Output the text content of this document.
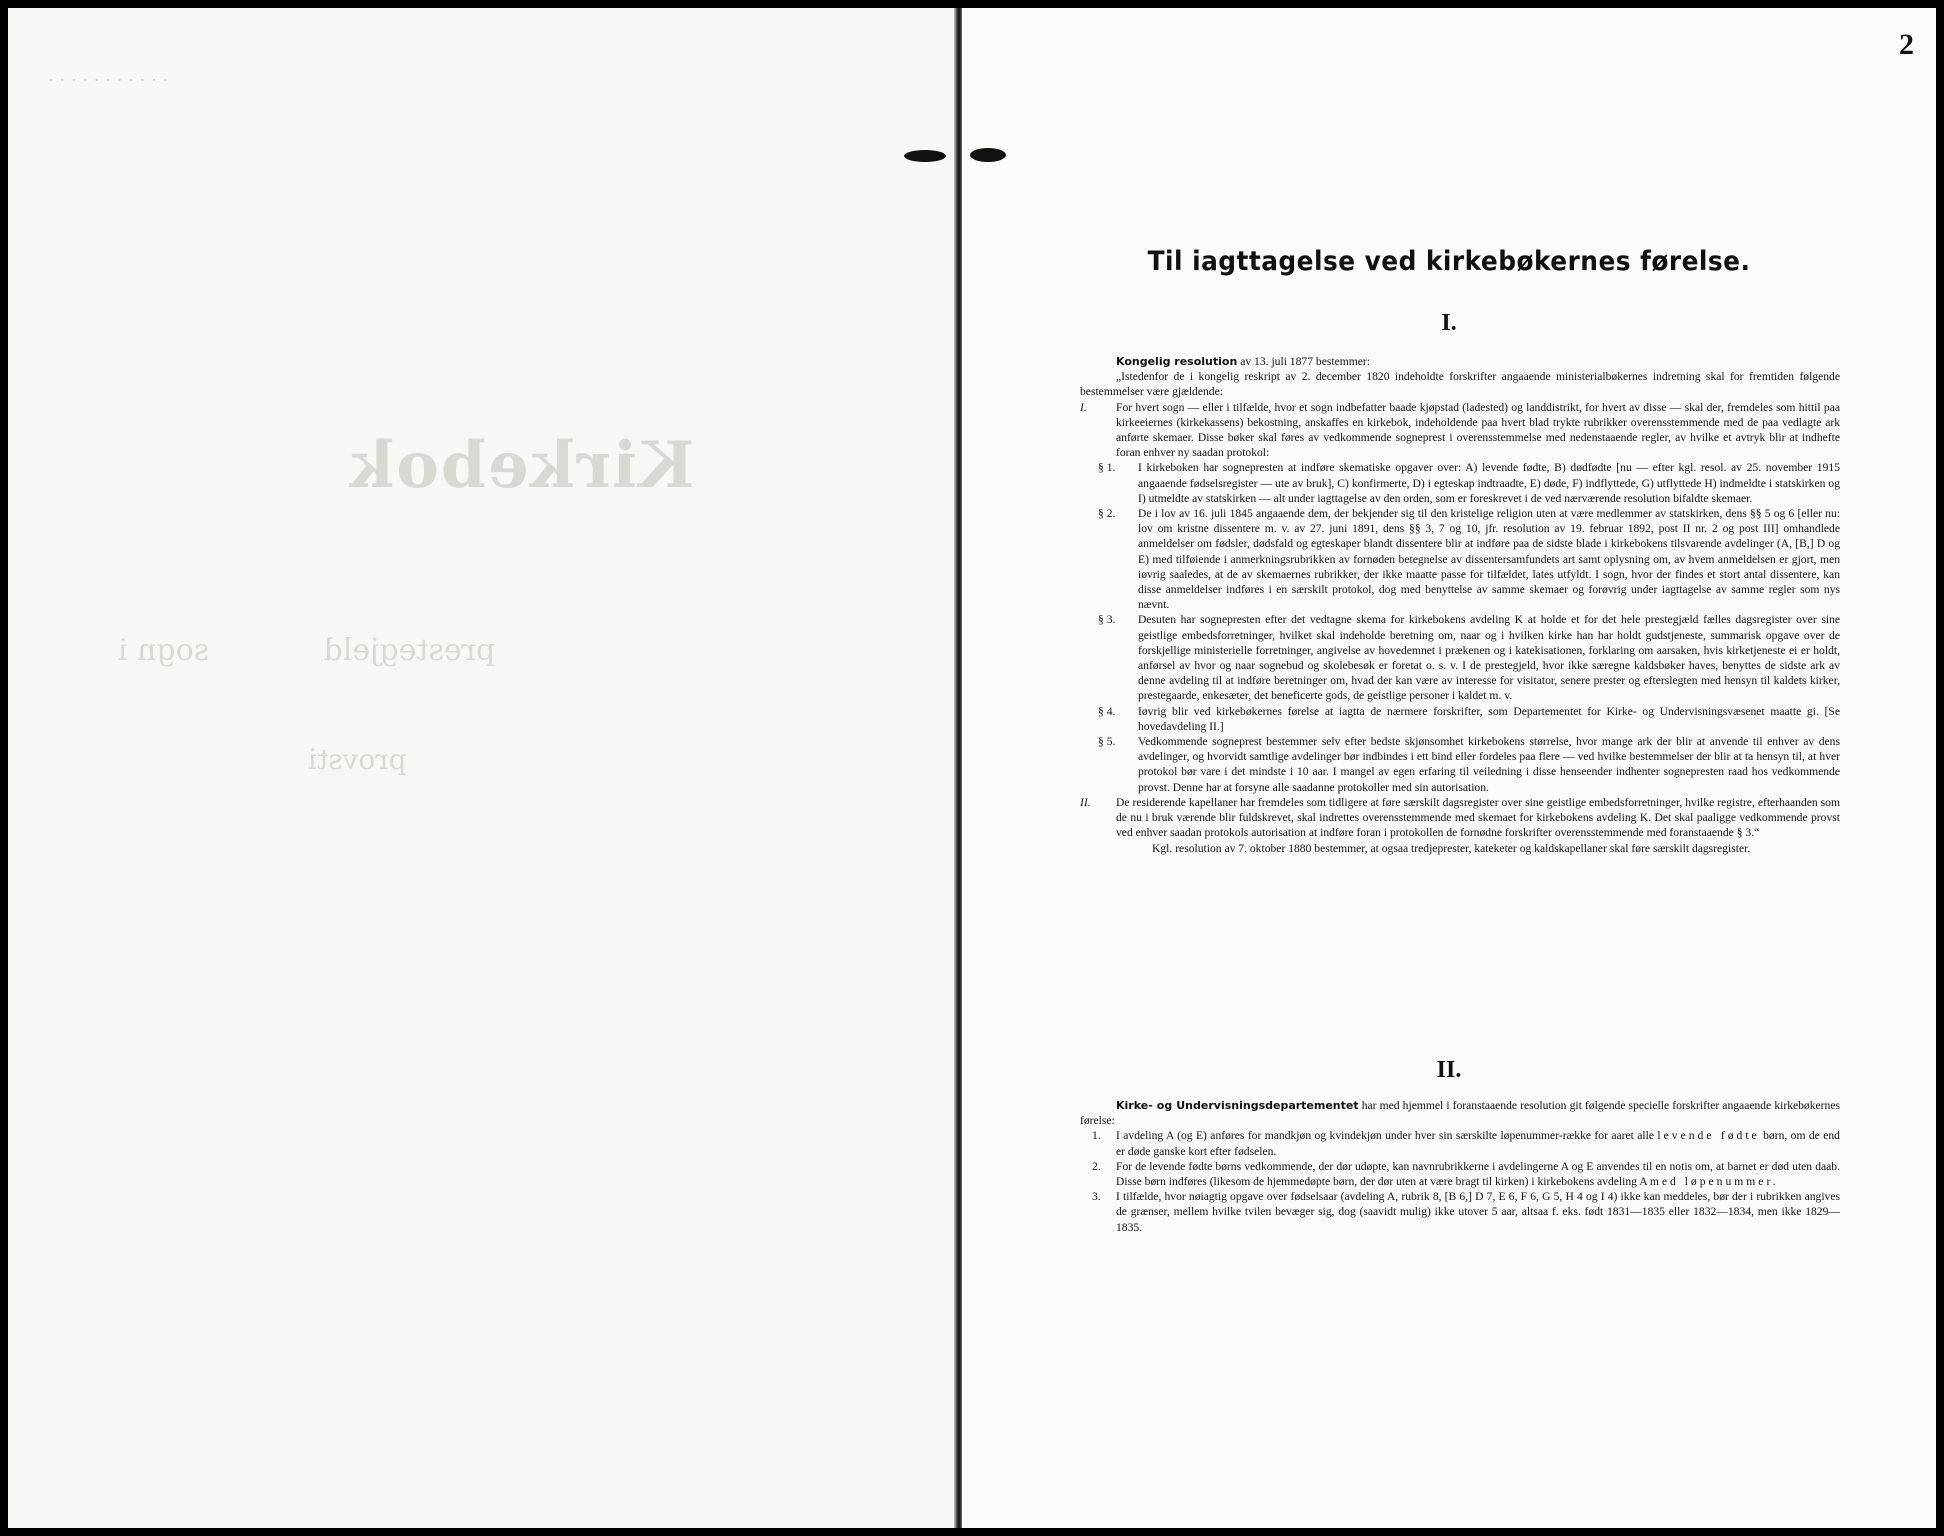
· · · · · · · · · · ·
Kirkebok
prestegjeld            sogn i
provsti
2
Til iagttagelse ved kirkebøkernes førelse.
I.

Kongelig resolution av 13. juli 1877 bestemmer:

„Istedenfor de i kongelig reskript av 2. december 1820 indeholdte forskrifter angaaende ministerialbøkernes indretning skal for fremtiden følgende bestemmelser være gjældende:

I.	For hvert sogn — eller i tilfælde, hvor et sogn indbefatter baade kjøpstad (ladested) og landdistrikt, for hvert av disse — skal der, fremdeles som hittil paa kirkeeiernes (kirkekassens) bekostning, anskaffes en kirkebok, indeholdende paa hvert blad trykte rubrikker overensstemmende med de paa vedlagte ark anførte skemaer. Disse bøker skal føres av vedkommende sogneprest i overensstemmelse med nedenstaaende regler, av hvilke et avtryk blir at indhefte foran enhver ny saadan protokol:
§ 1. I kirkeboken har sognepresten at indføre skematiske opgaver over: A) levende fødte, B) dødfødte [nu — efter kgl. resol. av 25. november 1915 angaaende fødselsregister — ute av bruk], C) konfirmerte, D) i egteskap indtraadte, E) døde, F) indflyttede, G) utflyttede H) indmeldte i statskirken og I) utmeldte av statskirken — alt under iagttagelse av den orden, som er foreskrevet i de ved nærværende resolution bifaldte skemaer.
§ 2. De i lov av 16. juli 1845 angaaende dem, der bekjender sig til den kristelige religion uten at være medlemmer av statskirken, dens §§ 5 og 6 [eller nu: lov om kristne dissentere m. v. av 27. juni 1891, dens §§ 3, 7 og 10, jfr. resolution av 19. februar 1892, post II nr. 2 og post III] omhandlede anmeldelser om fødsler, dødsfald og egteskaper blandt dissentere blir at indføre paa de sidste blade i kirkebokens tilsvarende avdelinger (A, [B,] D og E) med tilføiende i anmerkningsrubrikken av fornøden betegnelse av dissentersamfundets art samt oplysning om, av hvem anmeldelsen er gjort, men iøvrig saaledes, at de av skemaernes rubrikker, der ikke maatte passe for tilfældet, lates utfyldt. I sogn, hvor der findes et stort antal dissentere, kan disse anmeldelser indføres i en særskilt protokol, dog med benyttelse av samme skemaer og forøvrig under iagttagelse av samme regler som nys nævnt.
§ 3. Desuten har sognepresten efter det vedtagne skema for kirkebokens avdeling K at holde et for det hele prestegjæld fælles dagsregister over sine geistlige embedsforretninger, hvilket skal indeholde beretning om, naar og i hvilken kirke han har holdt gudstjeneste, summarisk opgave over de forskjellige ministerielle forretninger, angivelse av hovedemnet i prækenen og i katekisationen, forklaring om aarsaken, hvis kirketjeneste ei er holdt, anførsel av hvor og naar sognebud og skolebesøk er foretat o. s. v. I de prestegjeld, hvor ikke særegne kaldsbøker haves, benyttes de sidste ark av denne avdeling til at indføre beretninger om, hvad der kan være av interesse for visitator, senere prester og efterslegten med hensyn til kaldets kirker, prestegaarde, enkesæter, det beneficerte gods, de geistlige personer i kaldet m. v.
§ 4. Iøvrig blir ved kirkebøkernes førelse at iagtta de nærmere forskrifter, som Departementet for Kirke- og Undervisningsvæsenet maatte gi. [Se hovedavdeling II.]
§ 5. Vedkommende sogneprest bestemmer selv efter bedste skjønsomhet kirkebokens størrelse, hvor mange ark der blir at anvende til enhver av dens avdelinger, og hvorvidt samtlige avdelinger bør indbindes i ett bind eller fordeles paa flere — ved hvilke bestemmelser der blir at ta hensyn til, at hver protokol bør vare i det mindste i 10 aar. I mangel av egen erfaring til veiledning i disse henseender indhenter sognepresten raad hos vedkommende provst. Denne har at forsyne alle saadanne protokoller med sin autorisation.
II. De residerende kapellaner har fremdeles som tidligere at føre særskilt dagsregister over sine geistlige embedsforretninger, hvilke registre, efterhaanden som de nu i bruk værende blir fuldskrevet, skal indrettes overensstemmende med skemaet for kirkebokens avdeling K. Det skal paaligge vedkommende provst ved enhver saadan protokols autorisation at indføre foran i protokollen de fornødne forskrifter overensstemmende med foranstaaende § 3.“

Kgl. resolution av 7. oktober 1880 bestemmer, at ogsaa tredjeprester, kateketer og kaldskapellaner skal føre særskilt dagsregister.

II.

Kirke- og Undervisningsdepartementet har med hjemmel i foranstaaende resolution git følgende specielle forskrifter angaaende kirkebøkernes førelse:

1. I avdeling A (og E) anføres for mandkjøn og kvindekjøn under hver sin særskilte løpenummer-række for aaret alle levende fødte børn, om de end er døde ganske kort efter fødselen.
2. For de levende fødte børns vedkommende, der dør udøpte, kan navnrubrikkerne i avdelingerne A og E anvendes til en notis om, at barnet er død uten daab. Disse børn indføres (likesom de hjemmedøpte børn, der dør uten at være bragt til kirken) i kirkebokens avdeling A med løpenummer.
3. I tilfælde, hvor nøiagtig opgave over fødselsaar (avdeling A, rubrik 8, [B 6,] D 7, E 6, F 6, G 5, H 4 og I 4) ikke kan meddeles, bør der i rubrikken angives de grænser, mellem hvilke tvilen bevæger sig, dog (saavidt mulig) ikke utover 5 aar, altsaa f. eks. født 1831—1835 eller 1832—1834, men ikke 1829—1835.
